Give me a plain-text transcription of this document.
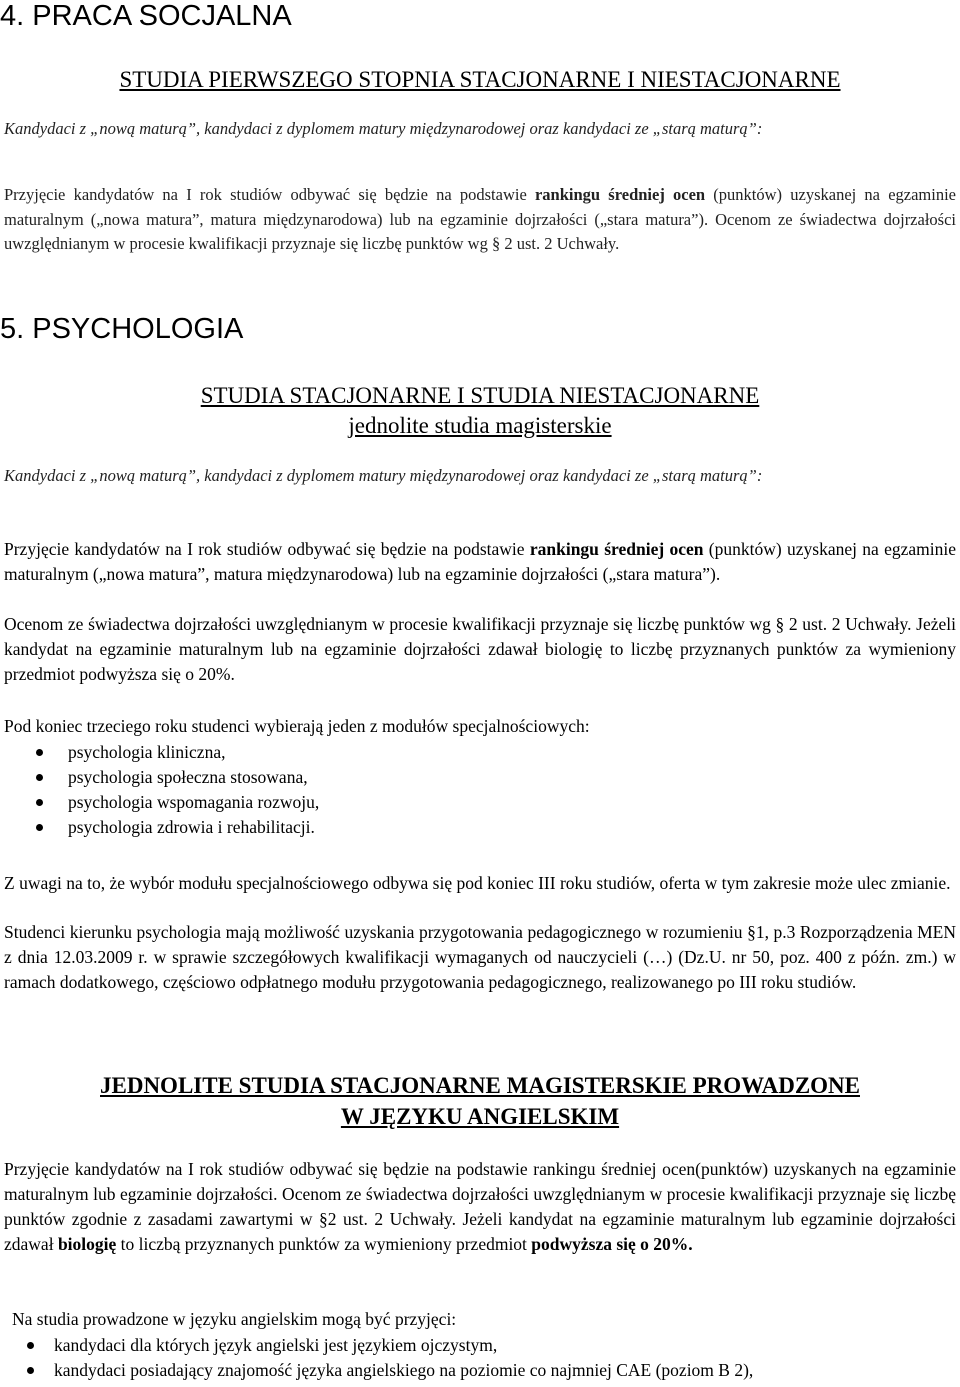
4. PRACA SOCJALNA
STUDIA PIERWSZEGO STOPNIA STACJONARNE I NIESTACJONARNE

Kandydaci z „nową maturą”, kandydaci z dyplomem matury międzynarodowej oraz kandydaci ze „starą maturą”:

Przyjęcie kandydatów na I rok studiów odbywać się będzie na podstawie rankingu średniej ocen (punktów) uzyskanej na egzaminie maturalnym („nowa matura”, matura międzynarodowa) lub na egzaminie dojrzałości („stara matura”). Ocenom ze świadectwa dojrzałości uwzględnianym w procesie kwalifikacji przyznaje się liczbę punktów wg § 2 ust. 2 Uchwały.

5. PSYCHOLOGIA
STUDIA STACJONARNE I STUDIA NIESTACJONARNE
jednolite studia magisterskie

Kandydaci z „nową maturą”, kandydaci z dyplomem matury międzynarodowej oraz kandydaci ze „starą maturą”:

Przyjęcie kandydatów na I rok studiów odbywać się będzie na podstawie rankingu średniej ocen (punktów) uzyskanej na egzaminie maturalnym („nowa matura”, matura międzynarodowa) lub na egzaminie dojrzałości („stara matura”).

Ocenom ze świadectwa dojrzałości uwzględnianym w procesie kwalifikacji przyznaje się liczbę punktów wg § 2 ust. 2 Uchwały. Jeżeli kandydat na egzaminie maturalnym lub na egzaminie dojrzałości zdawał biologię to liczbę przyznanych punktów za wymieniony przedmiot podwyższa się o 20%.

Pod koniec trzeciego roku studenci wybierają jeden z modułów specjalnościowych:

psychologia kliniczna,
psychologia społeczna stosowana,
psychologia wspomagania rozwoju,
psychologia zdrowia i rehabilitacji.

Z uwagi na to, że wybór modułu specjalnościowego odbywa się pod koniec III roku studiów, oferta w tym zakresie może ulec zmianie.

Studenci kierunku psychologia mają możliwość uzyskania przygotowania pedagogicznego w rozumieniu §1, p.3 Rozporządzenia MEN z dnia 12.03.2009 r. w sprawie szczegółowych kwalifikacji wymaganych od nauczycieli (…) (Dz.U. nr 50, poz. 400 z późn. zm.) w ramach dodatkowego, częściowo odpłatnego modułu przygotowania pedagogicznego, realizowanego po III roku studiów.

JEDNOLITE STUDIA STACJONARNE MAGISTERSKIE PROWADZONE
W JĘZYKU ANGIELSKIM

Przyjęcie kandydatów na I rok studiów odbywać się będzie na podstawie rankingu średniej ocen(punktów) uzyskanych na egzaminie maturalnym lub egzaminie dojrzałości. Ocenom ze świadectwa dojrzałości uwzględnianym w procesie kwalifikacji przyznaje się liczbę punktów zgodnie z zasadami zawartymi w §2 ust. 2 Uchwały. Jeżeli kandydat na egzaminie maturalnym lub egzaminie dojrzałości zdawał biologię to liczbą przyznanych punktów za wymieniony przedmiot podwyższa się o 20%.

Na studia prowadzone w języku angielskim mogą być przyjęci:

kandydaci dla których język angielski jest językiem ojczystym,
kandydaci posiadający znajomość języka angielskiego na poziomie co najmniej CAE (poziom B 2),
